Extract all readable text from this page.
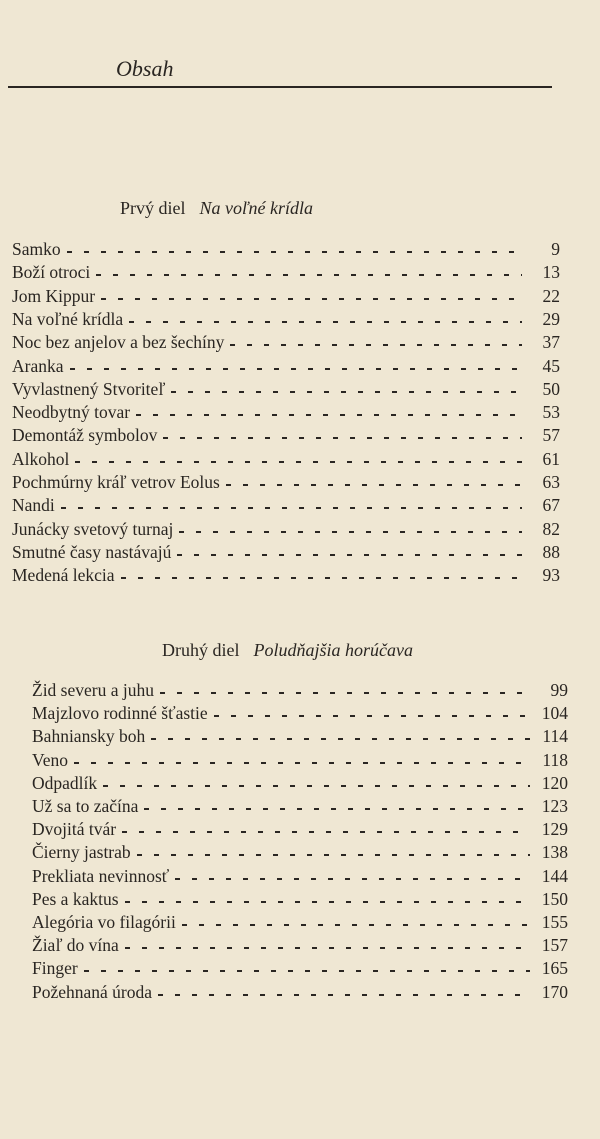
Obsah
Prvý diel Na voľné krídla
Samko	9
Boží otroci	13
Jom Kippur	22
Na voľné krídla	29
Noc bez anjelov a bez šechíny	37
Aranka	45
Vyvlastnený Stvoriteľ	50
Neodbytný tovar	53
Demontáž symbolov	57
Alkohol	61
Pochmúrny kráľ vetrov Eolus	63
Nandi	67
Junácky svetový turnaj	82
Smutné časy nastávajú	88
Medená lekcia	93
Druhý diel Poludňajšia horúčava
Žid severu a juhu	99
Majzlovo rodinné šťastie	104
Bahniansky boh	114
Veno	118
Odpadlík	120
Už sa to začína	123
Dvojitá tvár	129
Čierny jastrab	138
Prekliata nevinnosť	144
Pes a kaktus	150
Alegória vo filagórii	155
Žiaľ do vína	157
Finger	165
Požehnaná úroda	170
